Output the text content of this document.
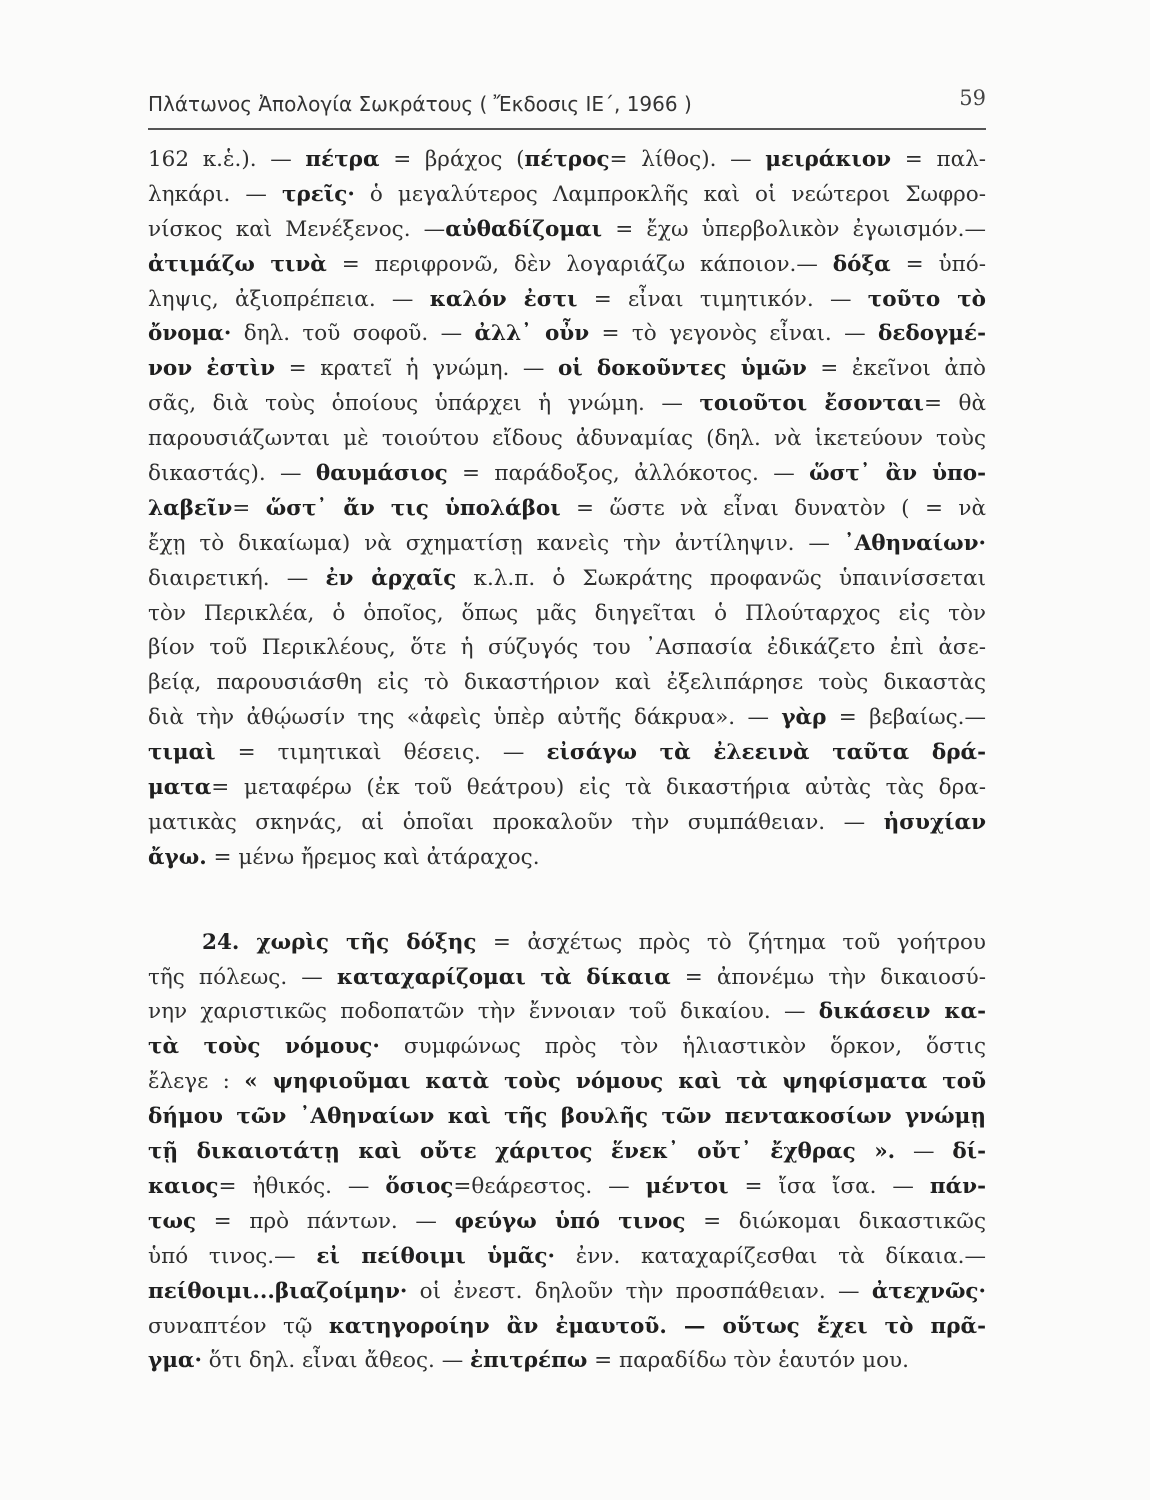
Πλάτωνος Ἀπολογία Σωκράτους ( Ἔκδοσις ΙΕ΄, 1966 )	59
162 κ.ἑ.). — πέτρα = βράχος (πέτρος= λίθος). — μειράκιον = παλ-
ληκάρι. — τρεῖς· ὁ μεγαλύτερος Λαμπροκλῆς καὶ οἱ νεώτεροι Σωφρο-
νίσκος καὶ Μενέξενος. —αὐθαδίζομαι = ἔχω ὑπερβολικὸν ἐγωισμόν.—
ἀτιμάζω τινὰ = περιφρονῶ, δὲν λογαριάζω κάποιον.— δόξα = ὑπό-
ληψις, ἀξιοπρέπεια. — καλόν ἐστι = εἶναι τιμητικόν. — τοῦτο τὸ
ὄνομα· δηλ. τοῦ σοφοῦ. — ἀλλ᾽ οὖν = τὸ γεγονὸς εἶναι. — δεδογμέ-
νον ἐστὶν = κρατεῖ ἡ γνώμη. — οἱ δοκοῦντες ὑμῶν = ἐκεῖνοι ἀπὸ
σᾶς, διὰ τοὺς ὁποίους ὑπάρχει ἡ γνώμη. — τοιοῦτοι ἔσονται= θὰ
παρουσιάζωνται μὲ τοιούτου εἴδους ἀδυναμίας (δηλ. νὰ ἱκετεύουν τοὺς
δικαστάς). — θαυμάσιος = παράδοξος, ἀλλόκοτος. — ὥστ᾽ ἂν ὑπο-
λαβεῖν= ὥστ᾽ ἄν τις ὑπολάβοι = ὥστε νὰ εἶναι δυνατὸν ( = νὰ
ἔχῃ τὸ δικαίωμα) νὰ σχηματίσῃ κανεὶς τὴν ἀντίληψιν. — ᾿Αθηναίων·
διαιρετική. — ἐν ἀρχαῖς κ.λ.π. ὁ Σωκράτης προφανῶς ὑπαινίσσεται
τὸν Περικλέα, ὁ ὁποῖος, ὅπως μᾶς διηγεῖται ὁ Πλούταρχος εἰς τὸν
βίον τοῦ Περικλέους, ὅτε ἡ σύζυγός του ᾿Ασπασία ἐδικάζετο ἐπὶ ἀσε-
βείᾳ, παρουσιάσθη εἰς τὸ δικαστήριον καὶ ἐξελιπάρησε τοὺς δικαστὰς
διὰ τὴν ἀθῴωσίν της «ἀφεὶς ὑπὲρ αὐτῆς δάκρυα». — γὰρ = βεβαίως.—
τιμαὶ = τιμητικαὶ θέσεις. — εἰσάγω τὰ ἐλεεινὰ ταῦτα δρά-
ματα= μεταφέρω (ἐκ τοῦ θεάτρου) εἰς τὰ δικαστήρια αὐτὰς τὰς δρα-
ματικὰς σκηνάς, αἱ ὁποῖαι προκαλοῦν τὴν συμπάθειαν. — ἡσυχίαν
ἄγω. = μένω ἤρεμος καὶ ἀτάραχος.
24. χωρὶς τῆς δόξης = ἀσχέτως πρὸς τὸ ζήτημα τοῦ γοήτρου
τῆς πόλεως. — καταχαρίζομαι τὰ δίκαια = ἀπονέμω τὴν δικαιοσύ-
νην χαριστικῶς ποδοπατῶν τὴν ἔννοιαν τοῦ δικαίου. — δικάσειν κα-
τὰ τοὺς νόμους· συμφώνως πρὸς τὸν ἡλιαστικὸν ὅρκον, ὅστις
ἔλεγε : « ψηφιοῦμαι κατὰ τοὺς νόμους καὶ τὰ ψηφίσματα τοῦ
δήμου τῶν ᾿Αθηναίων καὶ τῆς βουλῆς τῶν πεντακοσίων γνώμῃ
τῇ δικαιοτάτῃ καὶ οὔτε χάριτος ἕνεκ᾽ οὔτ᾽ ἔχθρας ». — δί-
καιος= ἠθικός. — ὅσιος=θεάρεστος. — μέντοι = ἴσα ἴσα. — πάν-
τως = πρὸ πάντων. — φεύγω ὑπό τινος = διώκομαι δικαστικῶς
ὑπό τινος.— εἰ πείθοιμι ὑμᾶς· ἐνν. καταχαρίζεσθαι τὰ δίκαια.—
πείθοιμι...βιαζοίμην· οἱ ἐνεστ. δηλοῦν τὴν προσπάθειαν. — ἀτεχνῶς·
συναπτέον τῷ κατηγοροίην ἂν ἐμαυτοῦ. — οὕτως ἔχει τὸ πρᾶ-
γμα· ὅτι δηλ. εἶναι ἄθεος. — ἐπιτρέπω = παραδίδω τὸν ἑαυτόν μου.
